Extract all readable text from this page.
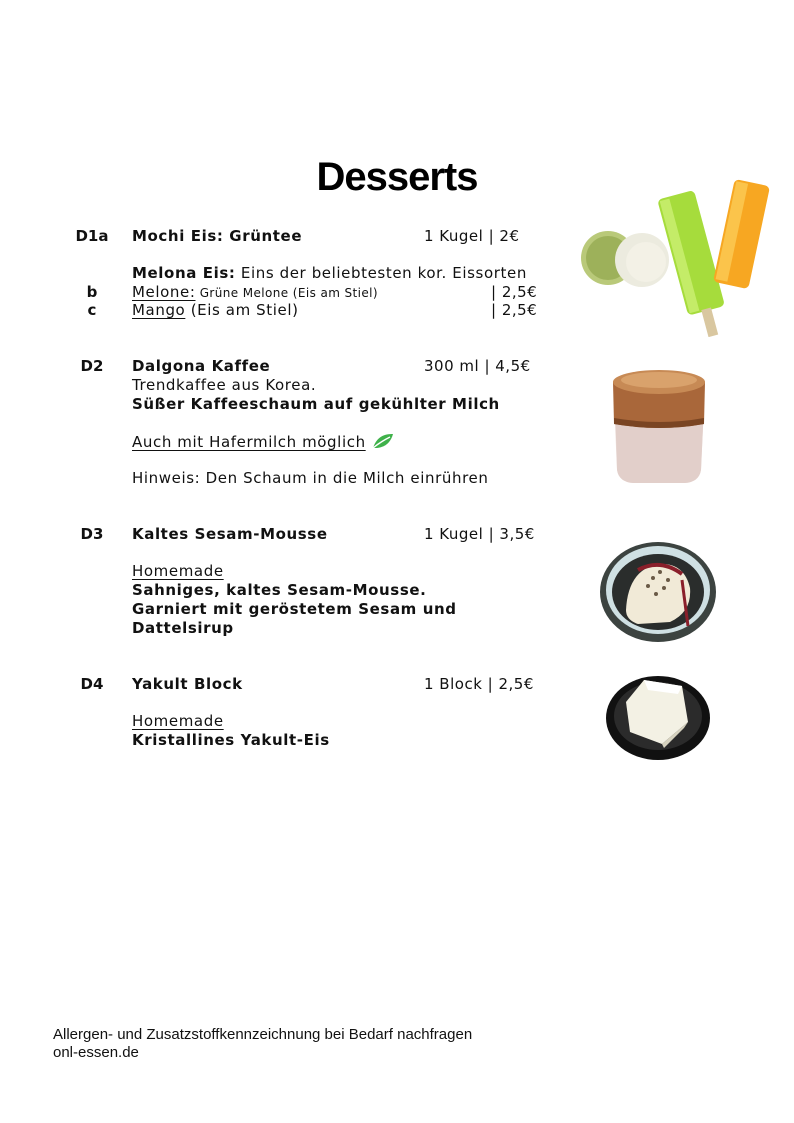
Desserts
D1a Mochi Eis: Grüntee	1 Kugel | 2€
Melona Eis: Eins der beliebtesten kor. Eissorten
b	Melone: Grüne Melone (Eis am Stiel)	| 2,5€
c	Mango (Eis am Stiel)	| 2,5€
D2	Dalgona Kaffee	300 ml | 4,5€
Trendkaffee aus Korea.
Süßer Kaffeeschaum auf gekühlter Milch
Auch mit Hafermilch möglich
Hinweis: Den Schaum in die Milch einrühren
D3	Kaltes Sesam-Mousse	1 Kugel | 3,5€
Homemade
Sahniges, kaltes Sesam-Mousse.
Garniert mit geröstetem Sesam und
Dattelsirup
D4	Yakult Block	1 Block | 2,5€
Homemade
Kristallines Yakult-Eis
Allergen- und Zusatzstoffkennzeichnung bei Bedarf nachfragen
onl-essen.de
